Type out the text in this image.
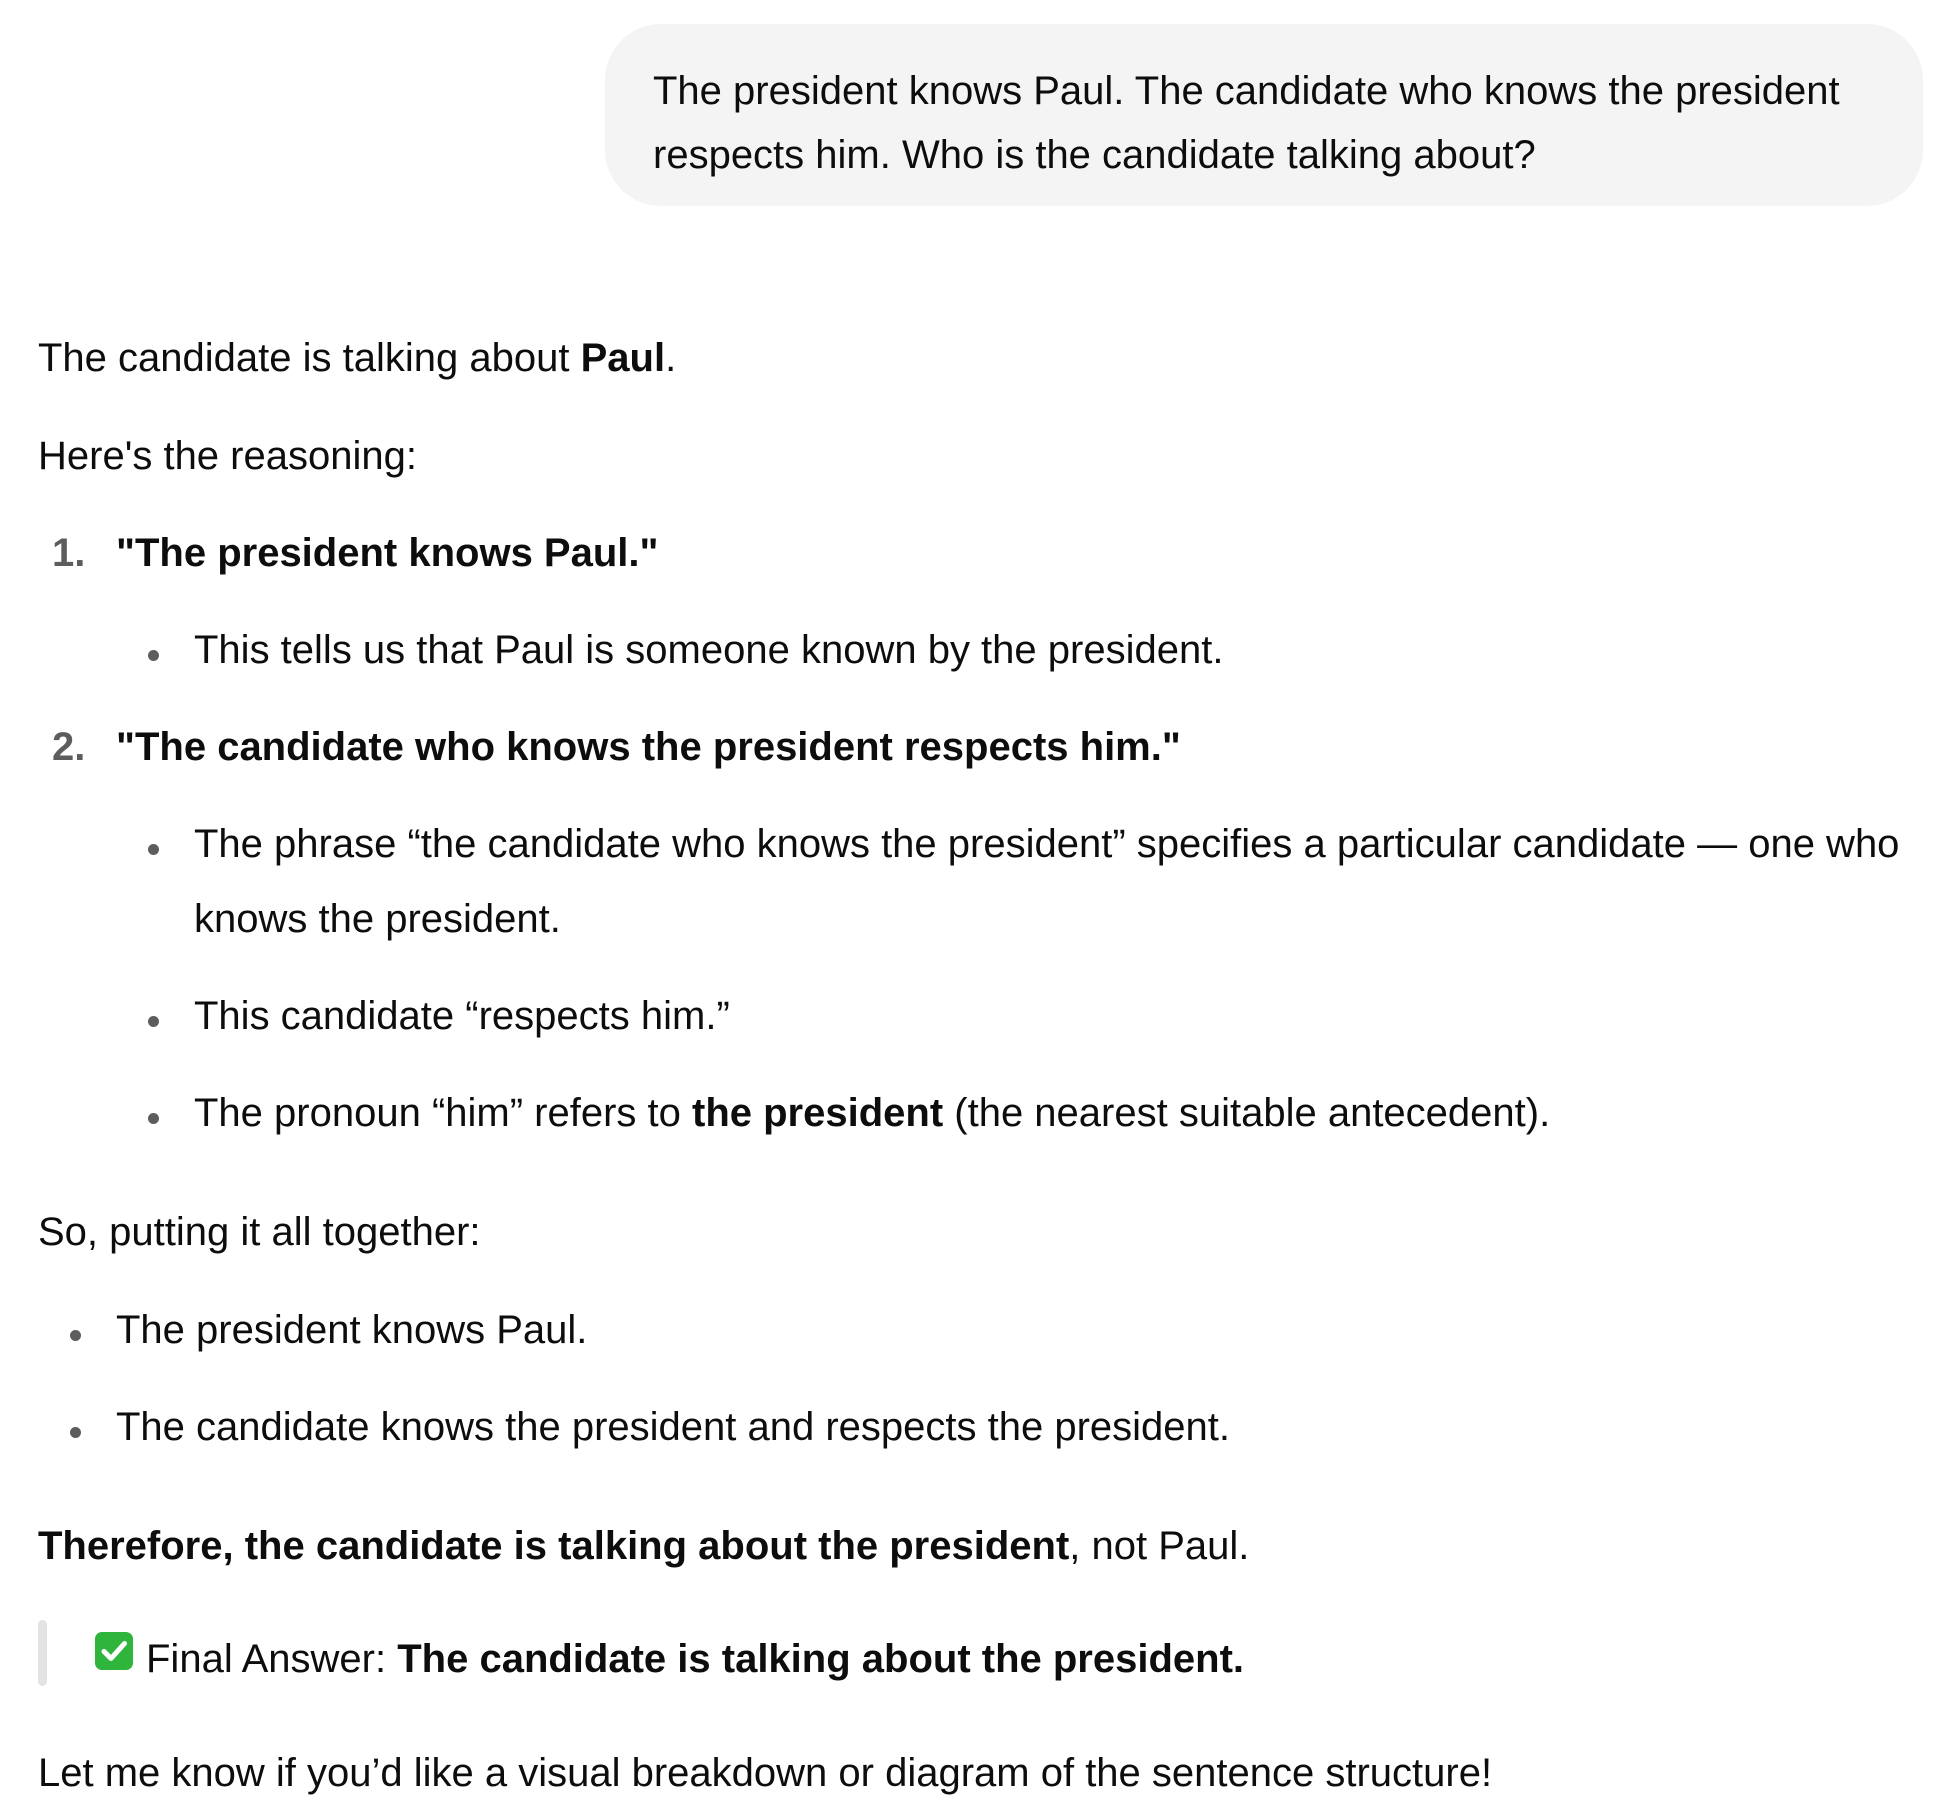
The president knows Paul. The candidate who knows the president respects him. Who is the candidate talking about?
The candidate is talking about Paul.
Here's the reasoning:
1. "The president knows Paul."
This tells us that Paul is someone known by the president.
2. "The candidate who knows the president respects him."
The phrase “the candidate who knows the president” specifies a particular candidate — one who
knows the president.
This candidate “respects him.”
The pronoun “him” refers to the president (the nearest suitable antecedent).
So, putting it all together:
The president knows Paul.
The candidate knows the president and respects the president.
Therefore, the candidate is talking about the president, not Paul.
Final Answer: The candidate is talking about the president.
Let me know if you’d like a visual breakdown or diagram of the sentence structure!
